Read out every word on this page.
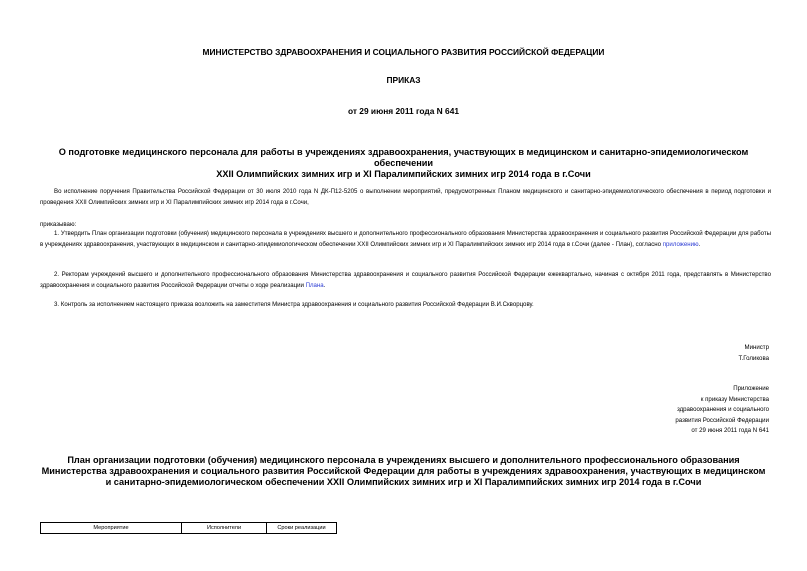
МИНИСТЕРСТВО ЗДРАВООХРАНЕНИЯ И СОЦИАЛЬНОГО РАЗВИТИЯ РОССИЙСКОЙ ФЕДЕРАЦИИ
ПРИКАЗ
от 29 июня 2011 года N 641
О подготовке медицинского персонала для работы в учреждениях здравоохранения, участвующих в медицинском и санитарно-эпидемиологическом обеспечении
XXII Олимпийских зимних игр и XI Паралимпийских зимних игр 2014 года в г.Сочи
Во исполнение поручения Правительства Российской Федерации от 30 июля 2010 года N ДК-П12-5205 о выполнении мероприятий, предусмотренных Планом медицинского и санитарно-эпидемиологического обеспечения в период подготовки и проведения XXII Олимпийских зимних игр и XI Паралимпийских зимних игр 2014 года в г.Сочи,
приказываю:
1. Утвердить План организации подготовки (обучения) медицинского персонала в учреждениях высшего и дополнительного профессионального образования Министерства здравоохранения и социального развития Российской Федерации для работы в учреждениях здравоохранения, участвующих в медицинском и санитарно-эпидемиологическом обеспечении XXII Олимпийских зимних игр и XI Паралимпийских зимних игр 2014 года в г.Сочи (далее - План), согласно приложению.
2. Ректорам учреждений высшего и дополнительного профессионального образования Министерства здравоохранения и социального развития Российской Федерации ежеквартально, начиная с октября 2011 года, представлять в Министерство здравоохранения и социального развития Российской Федерации отчеты о ходе реализации Плана.
3. Контроль за исполнением настоящего приказа возложить на заместителя Министра здравоохранения и социального развития Российской Федерации В.И.Скворцову.
Министр
Т.Голикова
Приложение
к приказу Министерства
здравоохранения и социального
развития Российской Федерации
от 29 июня 2011 года N 641
План организации подготовки (обучения) медицинского персонала в учреждениях высшего и дополнительного профессионального образования Министерства здравоохранения и социального развития Российской Федерации для работы в учреждениях здравоохранения, участвующих в медицинском и санитарно-эпидемиологическом обеспечении XXII Олимпийских зимних игр и XI Паралимпийских зимних игр 2014 года в г.Сочи
Мероприятие	Исполнители	Сроки реализации
